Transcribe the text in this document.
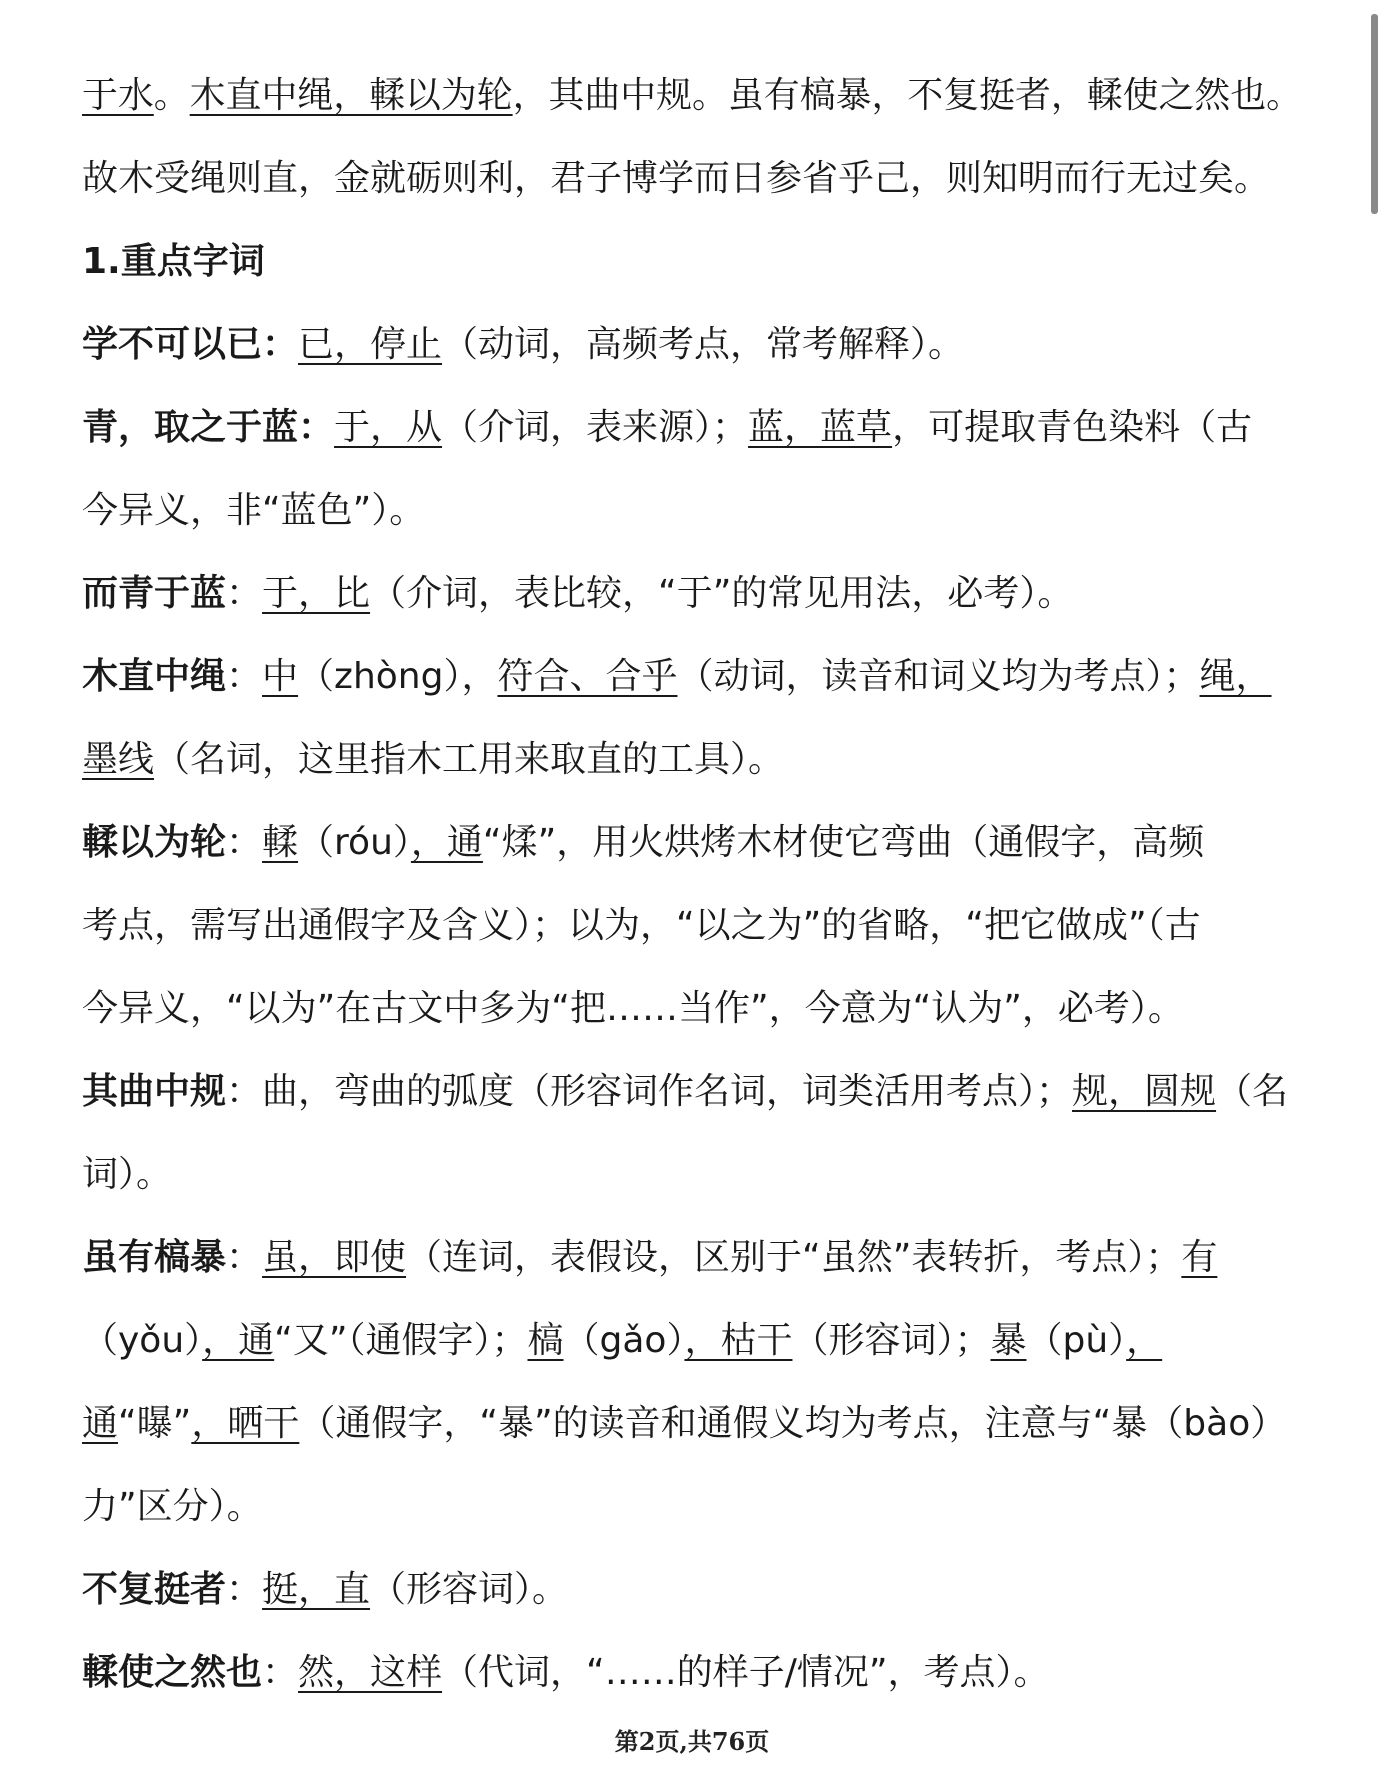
于水。木直中绳，輮以为轮，其曲中规。虽有槁暴，不复挺者，輮使之然也。
故木受绳则直，金就砺则利，君子博学而日参省乎己，则知明而行无过矣。
1.重点字词
学不可以已：已，停止（动词，高频考点，常考解释）。
青，取之于蓝：于，从（介词，表来源）；蓝，蓝草，可提取青色染料（古
今异义，非“蓝色”）。
而青于蓝：于，比（介词，表比较，“于”的常见用法，必考）。
木直中绳：中（zhòng），符合、合乎（动词，读音和词义均为考点）；绳，
墨线（名词，这里指木工用来取直的工具）。
輮以为轮：輮（róu），通“煣”，用火烘烤木材使它弯曲（通假字，高频
考点，需写出通假字及含义）；以为，“以之为”的省略，“把它做成”（古
今异义，“以为”在古文中多为“把……当作”，今意为“认为”，必考）。
其曲中规：曲，弯曲的弧度（形容词作名词，词类活用考点）；规，圆规（名
词）。
虽有槁暴：虽，即使（连词，表假设，区别于“虽然”表转折，考点）；有
（yǒu），通“又”（通假字）；槁（gǎo），枯干（形容词）；暴（pù），
通“曝”，晒干（通假字，“暴”的读音和通假义均为考点，注意与“暴（bào）
力”区分）。
不复挺者：挺，直（形容词）。
輮使之然也：然，这样（代词，“……的样子/情况”，考点）。
第2页,共76页
